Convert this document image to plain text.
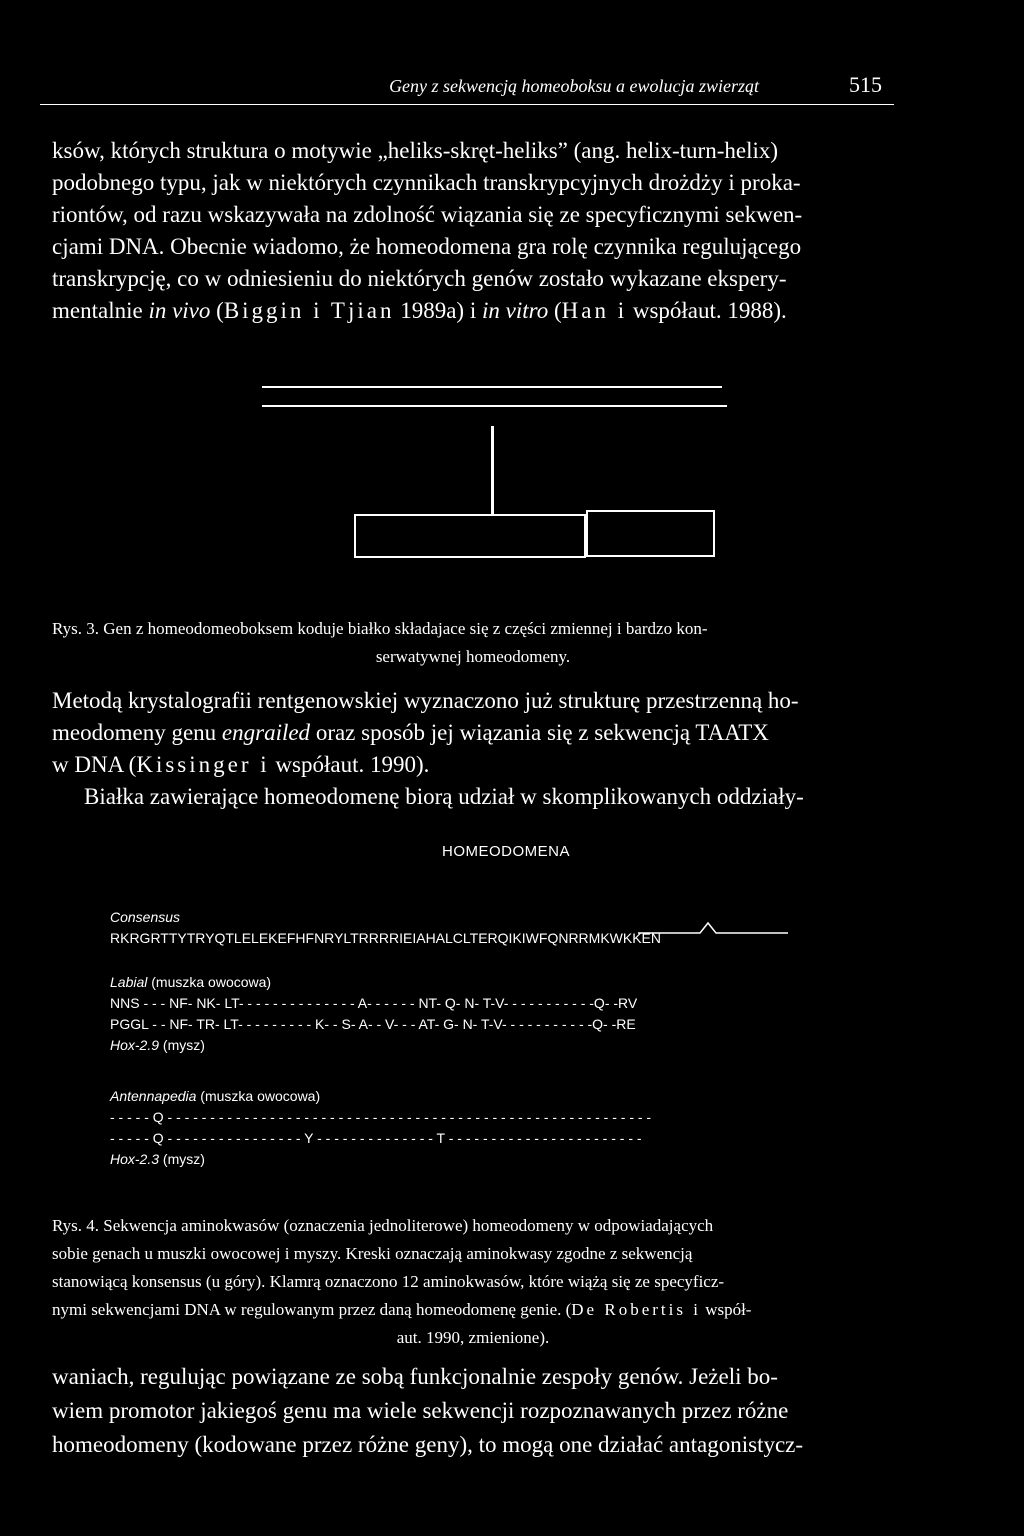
Geny z sekwencją homeoboksu a ewolucja zwierząt	515
ksów, których struktura o motywie „heliks-skręt-heliks” (ang. helix-turn-helix)
podobnego typu, jak w niektórych czynnikach transkrypcyjnych drożdży i proka-
riontów, od razu wskazywała na zdolność wiązania się ze specyficznymi sekwen-
cjami DNA. Obecnie wiadomo, że homeodomena gra rolę czynnika regulującego
transkrypcję, co w odniesieniu do niektórych genów zostało wykazane ekspery-
mentalnie in vivo (Biggin i Tjian 1989a) i in vitro (Han i współaut. 1988).
Rys. 3. Gen z homeodomeoboksem koduje białko składajace się z części zmiennej i bardzo kon-
serwatywnej homeodomeny.
Metodą krystalografii rentgenowskiej wyznaczono już strukturę przestrzenną ho-
meodomeny genu engrailed oraz sposób jej wiązania się z sekwencją TAATX
w DNA (Kissinger i współaut. 1990).
Białka zawierające homeodomenę biorą udział w skomplikowanych oddziały-
HOMEODOMENA
Consensus
RKRGRTTYTRYQTLELEKEFHFNRYLTRRRRIEIAHALCLTERQIKIWFQNRRMKWKKEN
Labial (muszka owocowa)
NNS - - - NF- NK- LT- - - - - - - - - - - - - - A- - - - - - NT- Q- N- T-V- - - - - - - - - - -Q- -RV
PGGL - - NF- TR- LT- - - - - - - - - K- - S- A- - V- - - AT- G- N- T-V- - - - - - - - - - -Q- -RE
Hox-2.9 (mysz)
Antennapedia (muszka owocowa)
- - - - - Q - - - - - - - - - - - - - - - - - - - - - - - - - - - - - - - - - - - - - - - - - - - - - - - - - - - - - - - - -
- - - - - Q - - - - - - - - - - - - - - - - Y - - - - - - - - - - - - - - T - - - - - - - - - - - - - - - - - - - - - - -
Hox-2.3 (mysz)
Rys. 4. Sekwencja aminokwasów (oznaczenia jednoliterowe) homeodomeny w odpowiadających
sobie genach u muszki owocowej i myszy. Kreski oznaczają aminokwasy zgodne z sekwencją
stanowiącą konsensus (u góry). Klamrą oznaczono 12 aminokwasów, które wiążą się ze specyficz-
nymi sekwencjami DNA w regulowanym przez daną homeodomenę genie. (De Robertis i współ-
aut. 1990, zmienione).
waniach, regulując powiązane ze sobą funkcjonalnie zespoły genów. Jeżeli bo-
wiem promotor jakiegoś genu ma wiele sekwencji rozpoznawanych przez różne
homeodomeny (kodowane przez różne geny), to mogą one działać antagonistycz-
